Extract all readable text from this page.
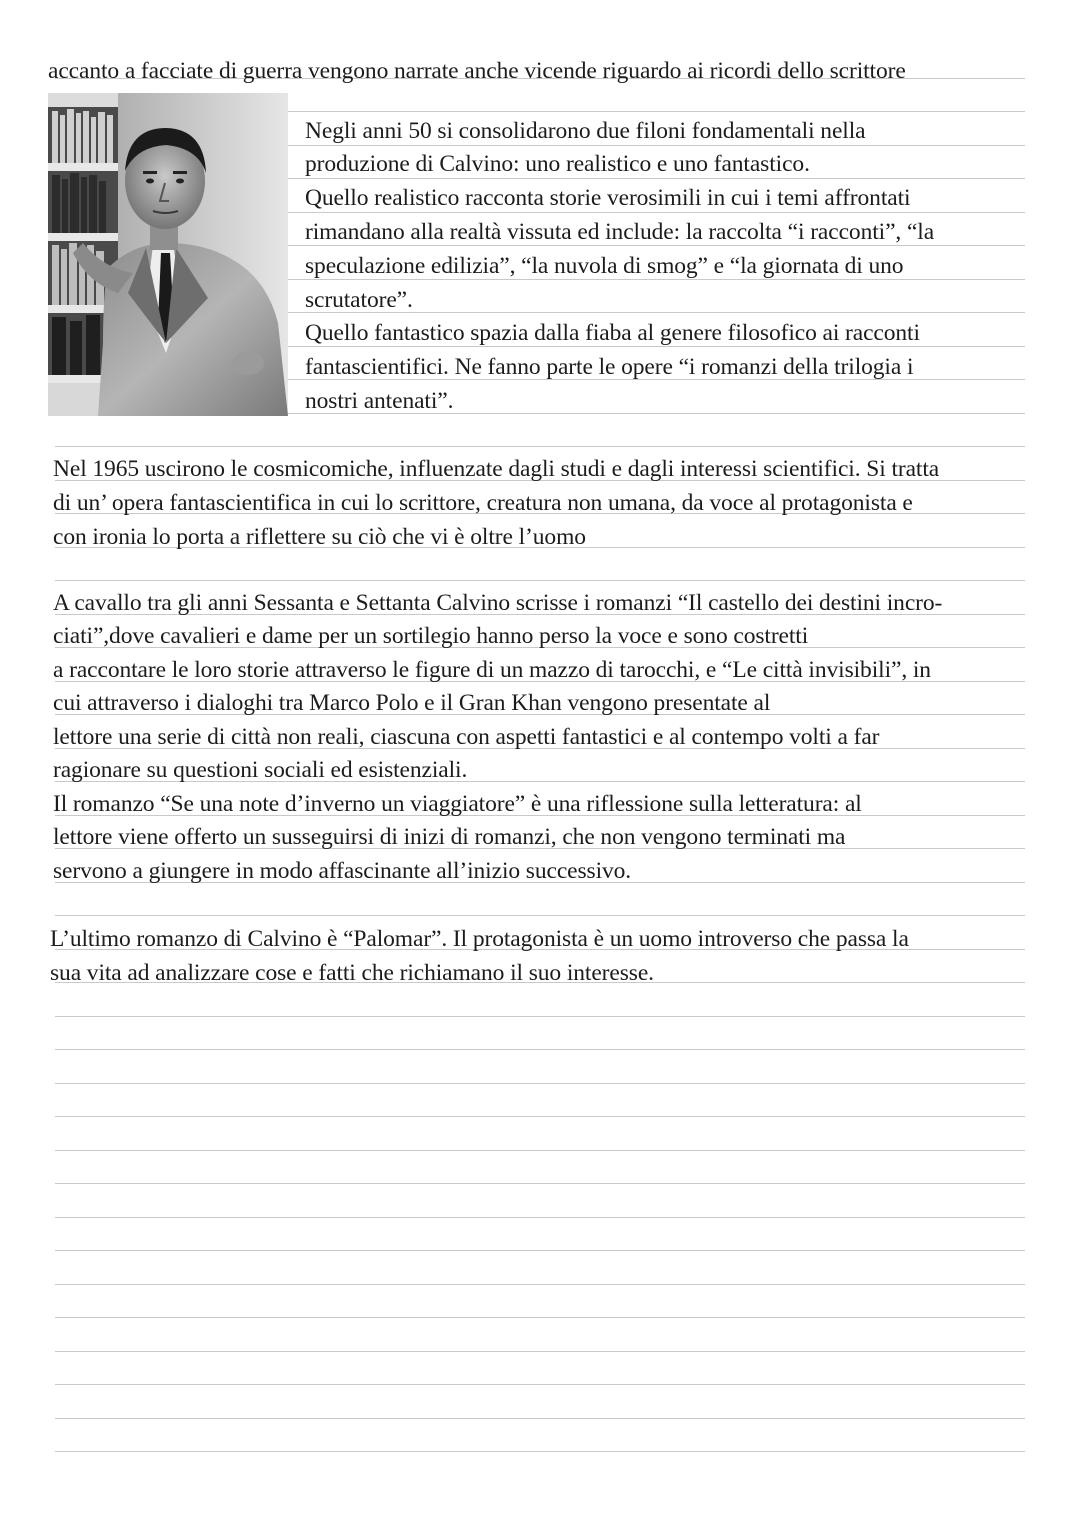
accanto a facciate di guerra vengono narrate anche vicende riguardo ai ricordi dello scrittore
Negli anni 50 si consolidarono due filoni fondamentali nella
produzione di Calvino: uno realistico e uno fantastico.
Quello realistico racconta storie verosimili in cui i temi affrontati
rimandano alla realtà vissuta ed include: la raccolta “i racconti”, “la
speculazione edilizia”, “la nuvola di smog” e “la giornata di uno
scrutatore”.
Quello fantastico spazia dalla fiaba al genere filosofico ai racconti
fantascientifici. Ne fanno parte le opere “i romanzi della trilogia i
nostri antenati”.
Nel 1965 uscirono le cosmicomiche, influenzate dagli studi e dagli interessi scientifici. Si tratta
di un’ opera fantascientifica in cui lo scrittore, creatura non umana, da voce al protagonista e
con ironia lo porta a riflettere su ciò che vi è oltre l’uomo
A cavallo tra gli anni Sessanta e Settanta Calvino scrisse i romanzi “Il castello dei destini incro-
ciati”,dove cavalieri e dame per un sortilegio hanno perso la voce e sono costretti
a raccontare le loro storie attraverso le figure di un mazzo di tarocchi, e “Le città invisibili”, in
cui attraverso i dialoghi tra Marco Polo e il Gran Khan vengono presentate al
lettore una serie di città non reali, ciascuna con aspetti fantastici e al contempo volti a far
ragionare su questioni sociali ed esistenziali.
Il romanzo “Se una note d’inverno un viaggiatore” è una riflessione sulla letteratura: al
lettore viene offerto un susseguirsi di inizi di romanzi, che non vengono terminati ma
servono a giungere in modo affascinante all’inizio successivo.
L’ultimo romanzo di Calvino è “Palomar”. Il protagonista è un uomo introverso che passa la
sua vita ad analizzare cose e fatti che richiamano il suo interesse.
